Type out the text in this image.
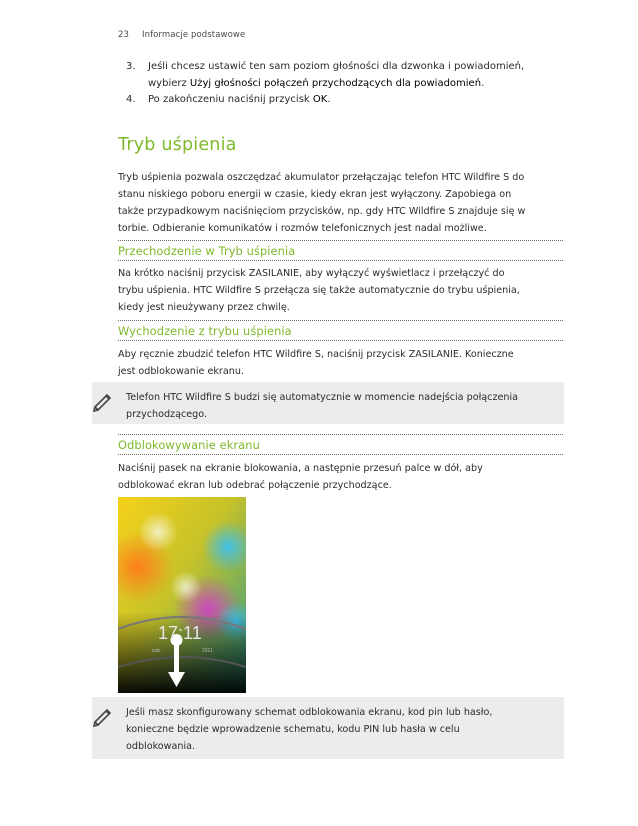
23 Informacje podstawowe
3.	Jeśli chcesz ustawić ten sam poziom głośności dla dzwonka i powiadomień,
wybierz Użyj głośności połączeń przychodzących dla powiadomień.
4.	Po zakończeniu naciśnij przycisk OK.
Tryb uśpienia
Tryb uśpienia pozwala oszczędzać akumulator przełączając telefon HTC Wildfire S do
stanu niskiego poboru energii w czasie, kiedy ekran jest wyłączony. Zapobiega on
także przypadkowym naciśnięciom przycisków, np. gdy HTC Wildfire S znajduje się w
torbie. Odbieranie komunikatów i rozmów telefonicznych jest nadal możliwe.
Przechodzenie w Tryb uśpienia
Na krótko naciśnij przycisk ZASILANIE, aby wyłączyć wyświetlacz i przełączyć do
trybu uśpienia. HTC Wildfire S przełącza się także automatycznie do trybu uśpienia,
kiedy jest nieużywany przez chwilę.
Wychodzenie z trybu uśpienia
Aby ręcznie zbudzić telefon HTC Wildfire S, naciśnij przycisk ZASILANIE. Konieczne
jest odblokowanie ekranu.
Telefon HTC Wildfire S budzi się automatycznie w momencie nadejścia połączenia
przychodzącego.
Odblokowywanie ekranu
Naciśnij pasek na ekranie blokowania, a następnie przesuń palce w dół, aby
odblokować ekran lub odebrać połączenie przychodzące.
17:11
sob.	2011
Jeśli masz skonfigurowany schemat odblokowania ekranu, kod pin lub hasło,
konieczne będzie wprowadzenie schematu, kodu PIN lub hasła w celu
odblokowania.
